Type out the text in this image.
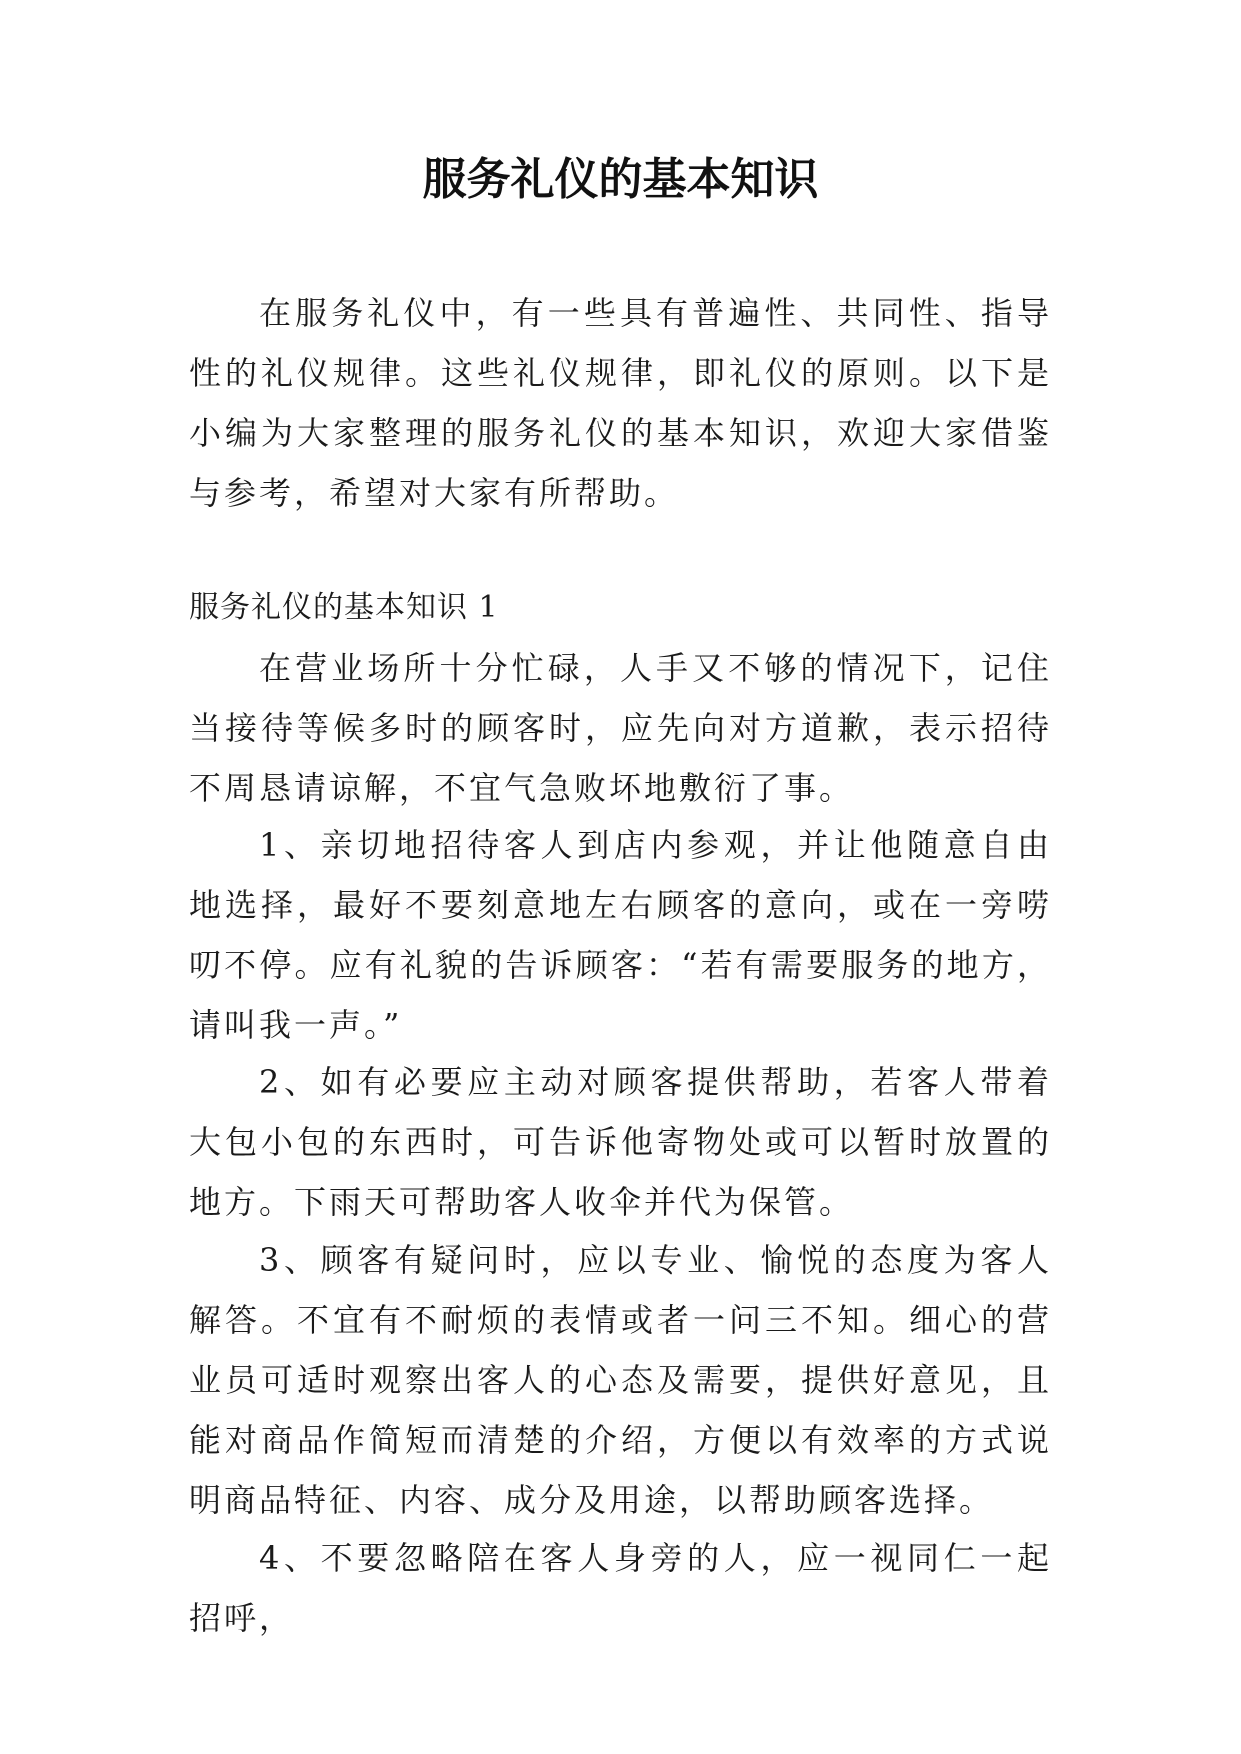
服务礼仪的基本知识

在服务礼仪中，有一些具有普遍性、共同性、指导性的礼仪规律。这些礼仪规律，即礼仪的原则。以下是小编为大家整理的服务礼仪的基本知识，欢迎大家借鉴与参考，希望对大家有所帮助。

服务礼仪的基本知识 1

在营业场所十分忙碌，人手又不够的情况下，记住当接待等候多时的顾客时，应先向对方道歉，表示招待不周恳请谅解，不宜气急败坏地敷衍了事。

1、亲切地招待客人到店内参观，并让他随意自由地选择，最好不要刻意地左右顾客的意向，或在一旁唠叨不停。应有礼貌的告诉顾客：“若有需要服务的地方，请叫我一声。”

2、如有必要应主动对顾客提供帮助，若客人带着大包小包的东西时，可告诉他寄物处或可以暂时放置的地方。下雨天可帮助客人收伞并代为保管。

3、顾客有疑问时，应以专业、愉悦的态度为客人解答。不宜有不耐烦的表情或者一问三不知。细心的营业员可适时观察出客人的心态及需要，提供好意见，且能对商品作简短而清楚的介绍，方便以有效率的方式说明商品特征、内容、成分及用途，以帮助顾客选择。

4、不要忽略陪在客人身旁的人，应一视同仁一起招呼，
